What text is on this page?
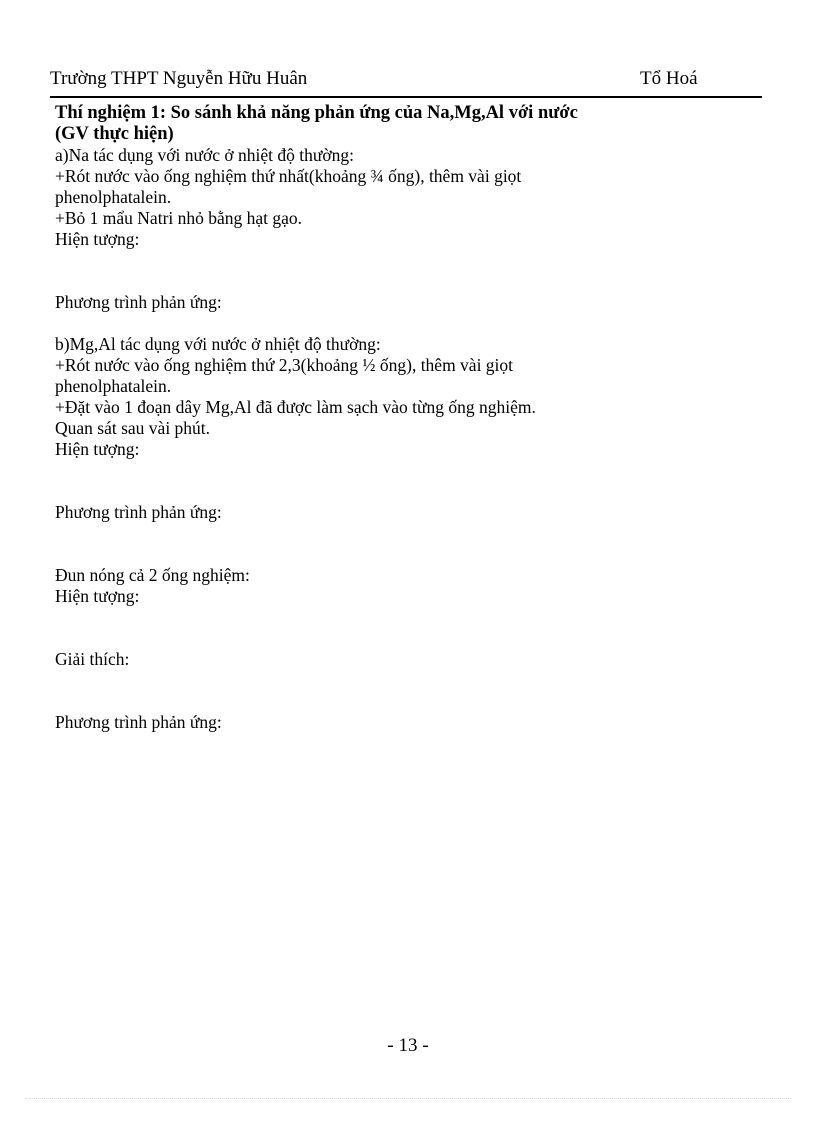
Trường THPT Nguyễn Hữu Huân	Tổ Hoá
Thí nghiệm 1: So sánh khả năng phản ứng của Na,Mg,Al với nước
(GV thực hiện)
a)Na tác dụng với nước ở nhiệt độ thường:
+Rót nước vào ống nghiệm thứ nhất(khoảng ¾ ống), thêm vài giọt
phenolphatalein.
+Bỏ 1 mẩu Natri nhỏ bằng hạt gạo.
Hiện tượng:
Phương trình phản ứng:
b)Mg,Al tác dụng với nước ở nhiệt độ thường:
+Rót nước vào ống nghiệm thứ 2,3(khoảng ½ ống), thêm vài giọt
phenolphatalein.
+Đặt vào 1 đoạn dây Mg,Al đã được làm sạch vào từng ống nghiệm.
Quan sát sau vài phút.
Hiện tượng:
Phương trình phản ứng:
Đun nóng cả 2 ống nghiệm:
Hiện tượng:
Giải thích:
Phương trình phản ứng:
- 13 -
